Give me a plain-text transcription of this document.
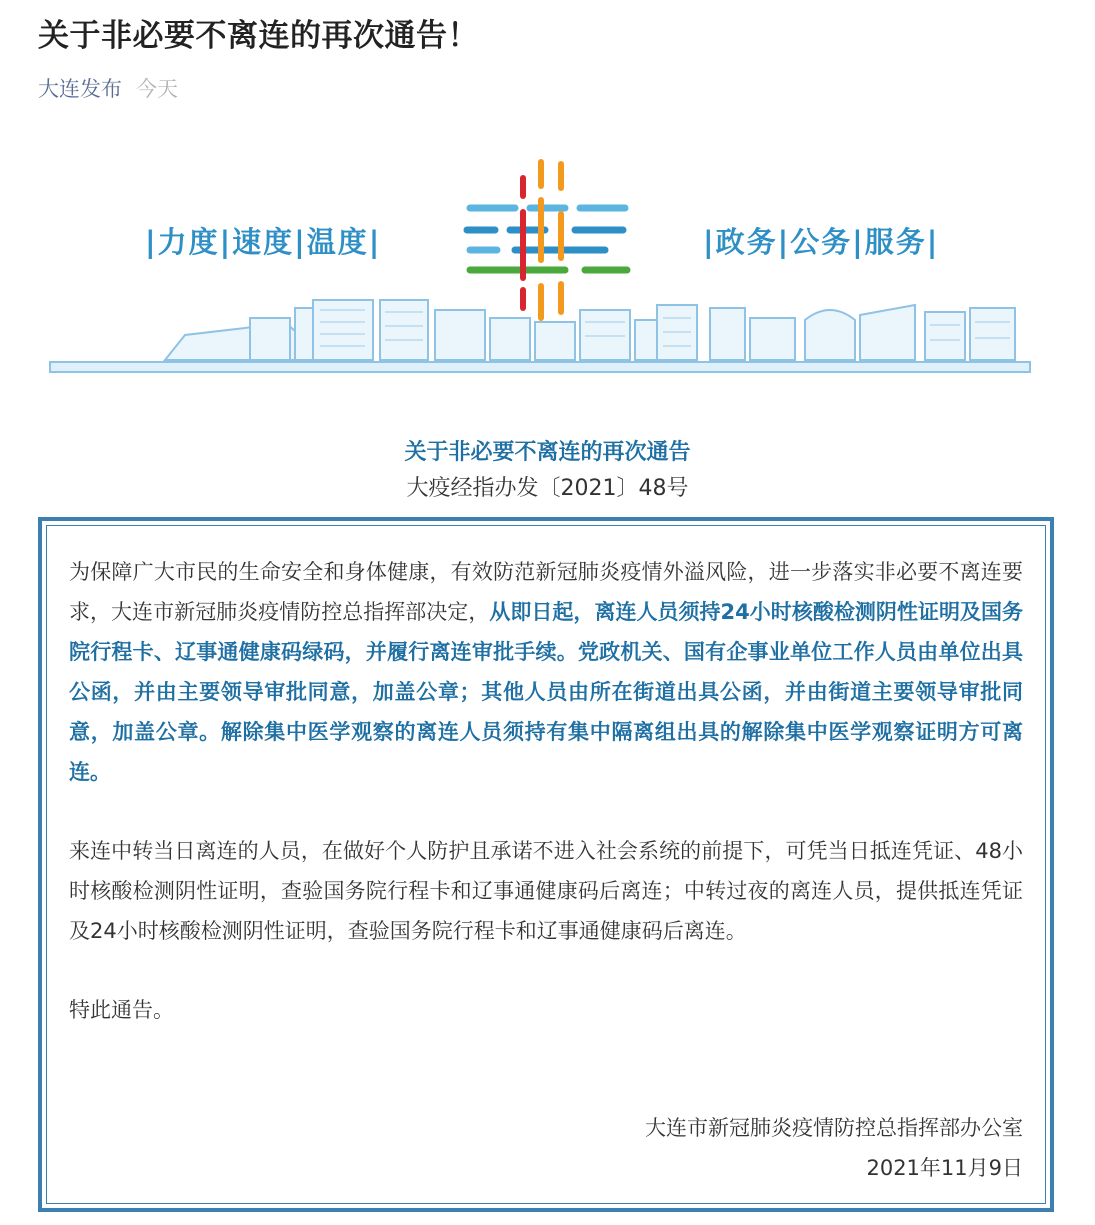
关于非必要不离连的再次通告！
大连发布 今天
|力度|速度|温度|	|政务|公务|服务|
关于非必要不离连的再次通告
大疫经指办发〔2021〕48号

为保障广大市民的生命安全和身体健康，有效防范新冠肺炎疫情外溢风险，进一步落实非必要不离连要求，大连市新冠肺炎疫情防控总指挥部决定，从即日起，离连人员须持24小时核酸检测阴性证明及国务院行程卡、辽事通健康码绿码，并履行离连审批手续。党政机关、国有企事业单位工作人员由单位出具公函，并由主要领导审批同意，加盖公章；其他人员由所在街道出具公函，并由街道主要领导审批同意，加盖公章。解除集中医学观察的离连人员须持有集中隔离组出具的解除集中医学观察证明方可离连。

来连中转当日离连的人员，在做好个人防护且承诺不进入社会系统的前提下，可凭当日抵连凭证、48小时核酸检测阴性证明，查验国务院行程卡和辽事通健康码后离连；中转过夜的离连人员，提供抵连凭证及24小时核酸检测阴性证明，查验国务院行程卡和辽事通健康码后离连。

特此通告。

大连市新冠肺炎疫情防控总指挥部办公室
2021年11月9日
